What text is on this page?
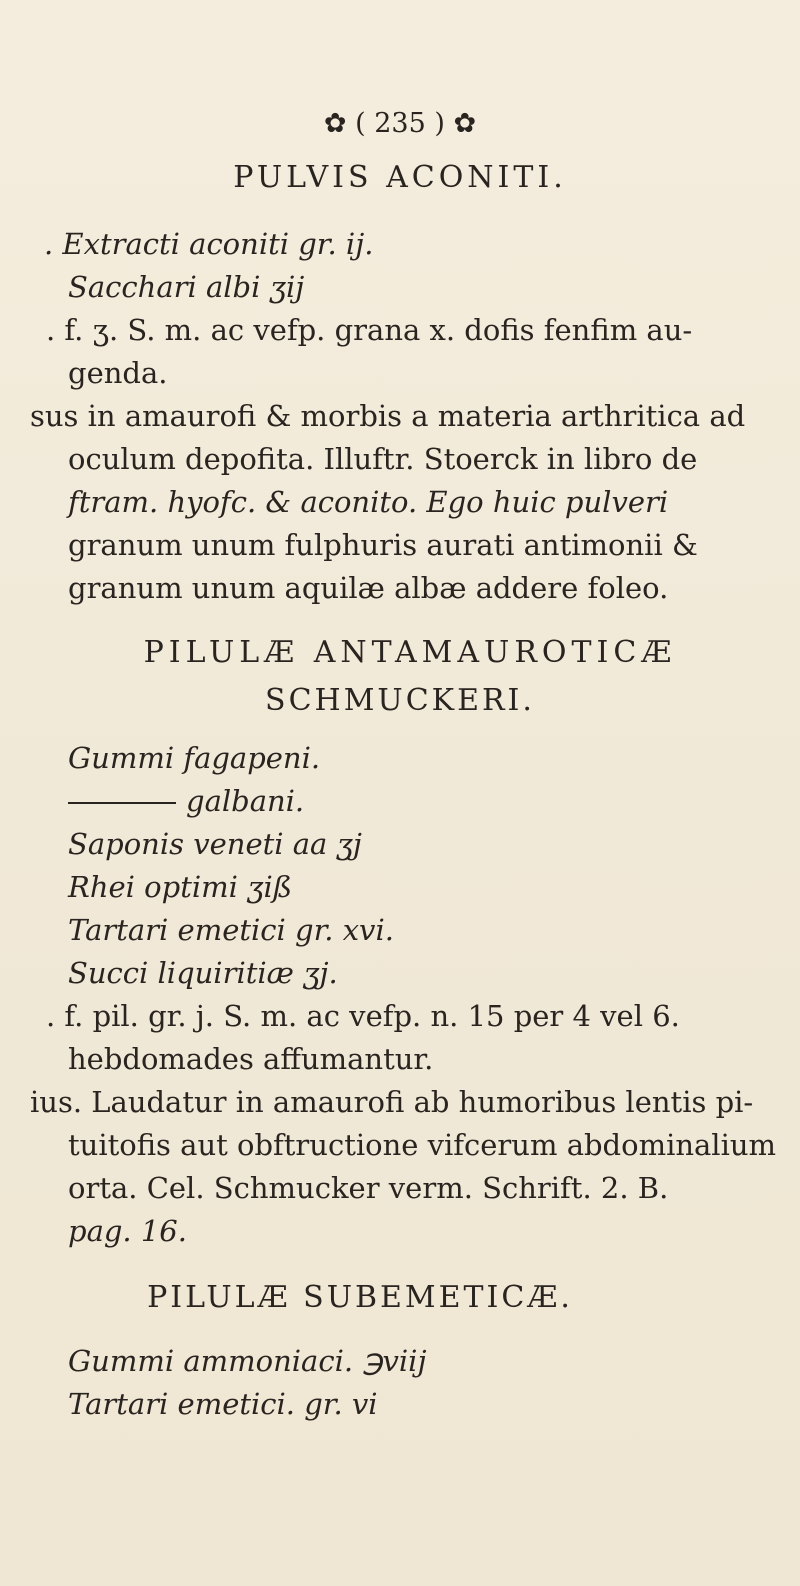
✿ ( 235 ) ✿
PULVIS ACONITI.
. Extracti aconiti gr. ij.
Sacchari albi ʒij
. f. ʒ. S. m. ac vefp. grana x. dofis fenfim au-
genda.
sus in amaurofi & morbis a materia arthritica ad
oculum depofita. Illuftr. Stoerck in libro de
ftram. hyofc. & aconito. Ego huic pulveri
granum unum fulphuris aurati antimonii &
granum unum aquilæ albæ addere foleo.
PILULÆ ANTAMAUROTICÆ
SCHMUCKERI.
Gummi fagapeni.
galbani.
Saponis veneti aa ʒj
Rhei optimi ʒiß
Tartari emetici gr. xvi.
Succi liquiritiæ ʒj.
. f. pil. gr. j. S. m. ac vefp. n. 15 per 4 vel 6.
hebdomades affumantur.
ius. Laudatur in amaurofi ab humoribus lentis pi-
tuitofis aut obftructione vifcerum abdominalium
orta. Cel. Schmucker verm. Schrift. 2. B.
pag. 16.
PILULÆ SUBEMETICÆ.
Gummi ammoniaci. ℈viij
Tartari emetici. gr. vi
